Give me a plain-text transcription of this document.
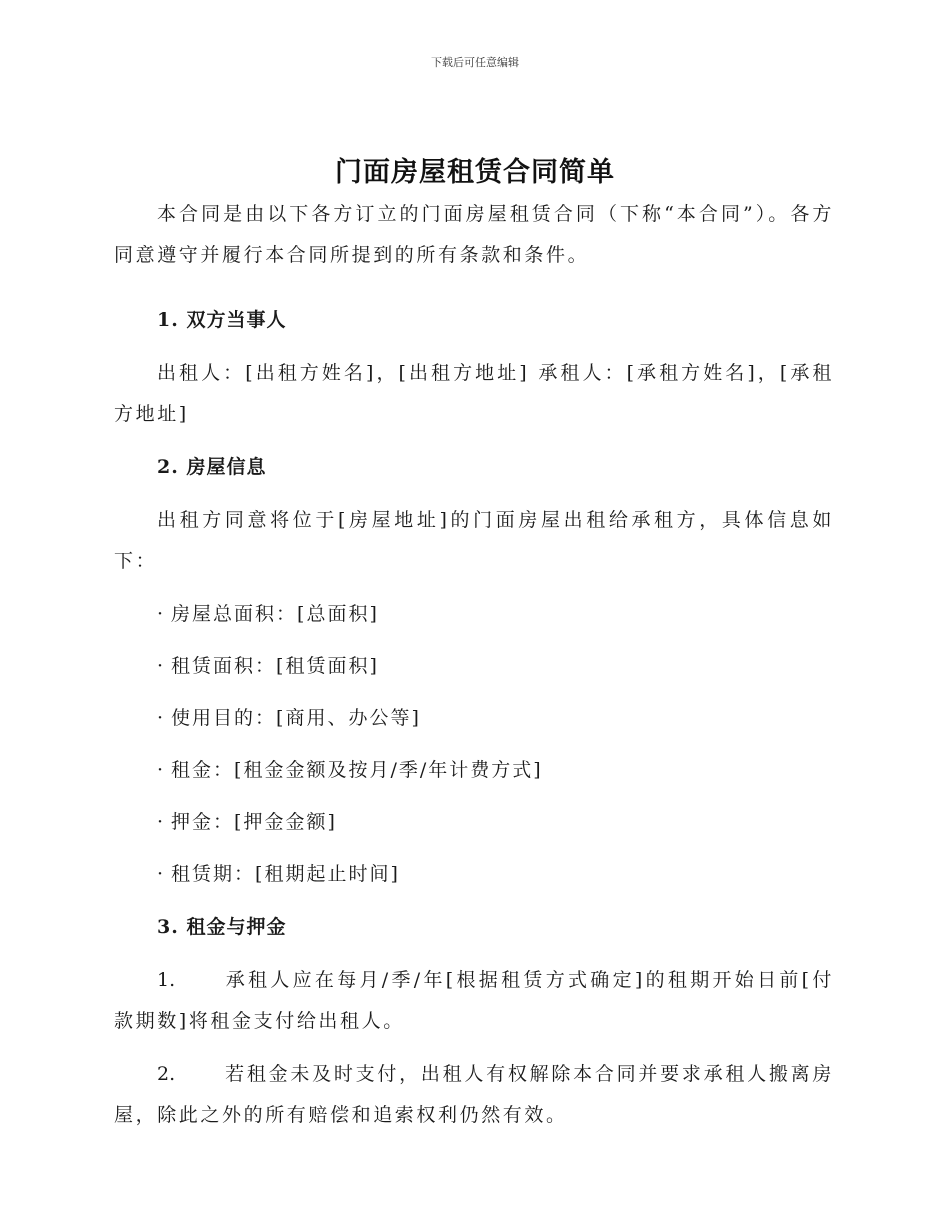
下载后可任意编辑
门面房屋租赁合同简单

本合同是由以下各方订立的门面房屋租赁合同（下称“本合同”）。各方同意遵守并履行本合同所提到的所有条款和条件。

1. 双方当事人

出租人：[出租方姓名]，[出租方地址] 承租人：[承租方姓名]，[承租方地址]

2. 房屋信息

出租方同意将位于[房屋地址]的门面房屋出租给承租方，具体信息如下：

· 房屋总面积：[总面积]
· 租赁面积：[租赁面积]
· 使用目的：[商用、办公等]
· 租金：[租金金额及按月/季/年计费方式]
· 押金：[押金金额]
· 租赁期：[租期起止时间]
3. 租金与押金

1.	承租人应在每月/季/年[根据租赁方式确定]的租期开始日前[付款期数]将租金支付给出租人。

2.	若租金未及时支付，出租人有权解除本合同并要求承租人搬离房屋，除此之外的所有赔偿和追索权利仍然有效。
